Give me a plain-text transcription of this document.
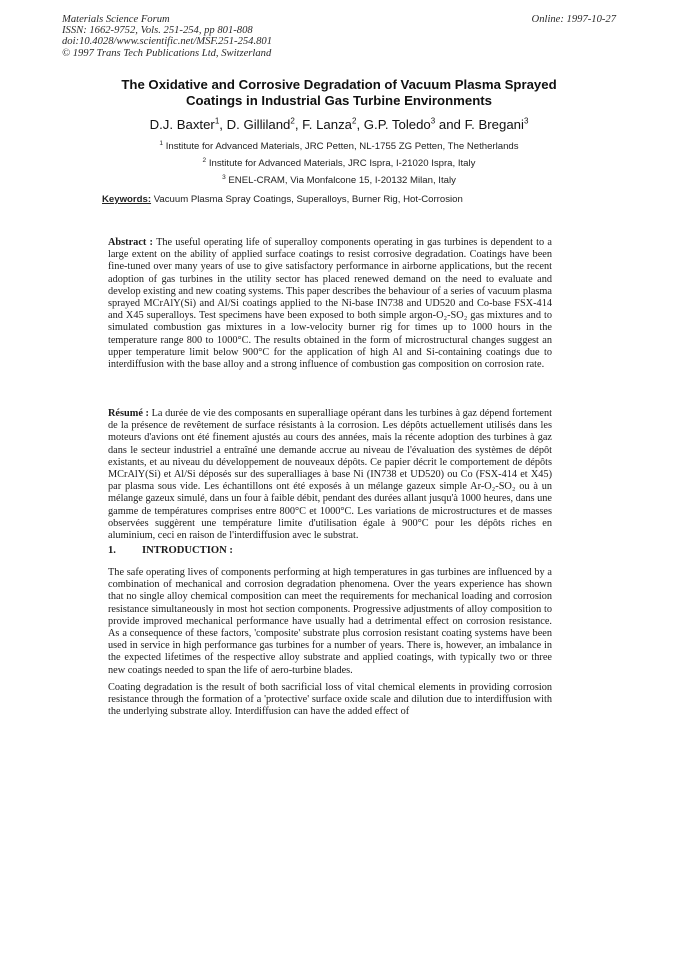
Materials Science Forum
ISSN: 1662-9752, Vols. 251-254, pp 801-808
doi:10.4028/www.scientific.net/MSF.251-254.801
© 1997 Trans Tech Publications Ltd, Switzerland
Online: 1997-10-27
The Oxidative and Corrosive Degradation of Vacuum Plasma Sprayed Coatings in Industrial Gas Turbine Environments
D.J. Baxter$^1$, D. Gilliland$^2$, F. Lanza$^2$, G.P. Toledo$^3$ and F. Bregani$^3$
$^1$ Institute for Advanced Materials, JRC Petten, NL-1755 ZG Petten, The Netherlands
$^2$ Institute for Advanced Materials, JRC Ispra, I-21020 Ispra, Italy
$^3$ ENEL-CRAM, Via Monfalcone 15, I-20132 Milan, Italy
Keywords: Vacuum Plasma Spray Coatings, Superalloys, Burner Rig, Hot-Corrosion
Abstract : The useful operating life of superalloy components operating in gas turbines is dependent to a large extent on the ability of applied surface coatings to resist corrosive degradation. Coatings have been fine-tuned over many years of use to give satisfactory performance in airborne applications, but the recent adoption of gas turbines in the utility sector has placed renewed demand on the need to evaluate and develop existing and new coating systems. This paper describes the behaviour of a series of vacuum plasma sprayed MCrAlY(Si) and Al/Si coatings applied to the Ni-base IN738 and UD520 and Co-base FSX-414 and X45 superalloys. Test specimens have been exposed to both simple argon-O₂-SO₂ gas mixtures and to simulated combustion gas mixtures in a low-velocity burner rig for times up to 1000 hours in the temperature range 800 to 1000°C. The results obtained in the form of microstructural changes suggest an upper temperature limit below 900°C for the application of high Al and Si-containing coatings due to interdiffusion with the base alloy and a strong influence of combustion gas composition on corrosion rate.
Résumé : La durée de vie des composants en superalliage opérant dans les turbines à gaz dépend fortement de la présence de revêtement de surface résistants à la corrosion. Les dépôts actuellement utilisés dans les moteurs d'avions ont été finement ajustés au cours des années, mais la récente adoption des turbines à gaz dans le secteur industriel a entraîné une demande accrue au niveau de l'évaluation des systèmes de dépôt existants, et au niveau du développement de nouveaux dépôts. Ce papier décrit le comportement de dépôts MCrAlY(Si) et Al/Si déposés sur des superalliages à base Ni (IN738 et UD520) ou Co (FSX-414 et X45) par plasma sous vide. Les échantillons ont été exposés à un mélange gazeux simple Ar-O₂-SO₂ ou à un mélange gazeux simulé, dans un four à faible débit, pendant des durées allant jusqu'à 1000 heures, dans une gamme de températures comprises entre 800°C et 1000°C. Les variations de microstructures et de masses observées suggèrent une température limite d'utilisation égale à 900°C pour les dépôts riches en aluminium, ceci en raison de l'interdiffusion avec le substrat.
1. INTRODUCTION :
The safe operating lives of components performing at high temperatures in gas turbines are influenced by a combination of mechanical and corrosion degradation phenomena. Over the years experience has shown that no single alloy chemical composition can meet the requirements for mechanical loading and corrosion resistance simultaneously in most hot section components. Progressive adjustments of alloy composition to provide improved mechanical performance have usually had a detrimental effect on corrosion resistance. As a consequence of these factors, 'composite' substrate plus corrosion resistant coating systems have been used in service in high performance gas turbines for a number of years. There is, however, an imbalance in the expected lifetimes of the respective alloy substrate and applied coatings, with typically two or three new coatings needed to span the life of aero-turbine blades.
Coating degradation is the result of both sacrificial loss of vital chemical elements in providing corrosion resistance through the formation of a 'protective' surface oxide scale and dilution due to interdiffusion with the underlying substrate alloy. Interdiffusion can have the added effect of
